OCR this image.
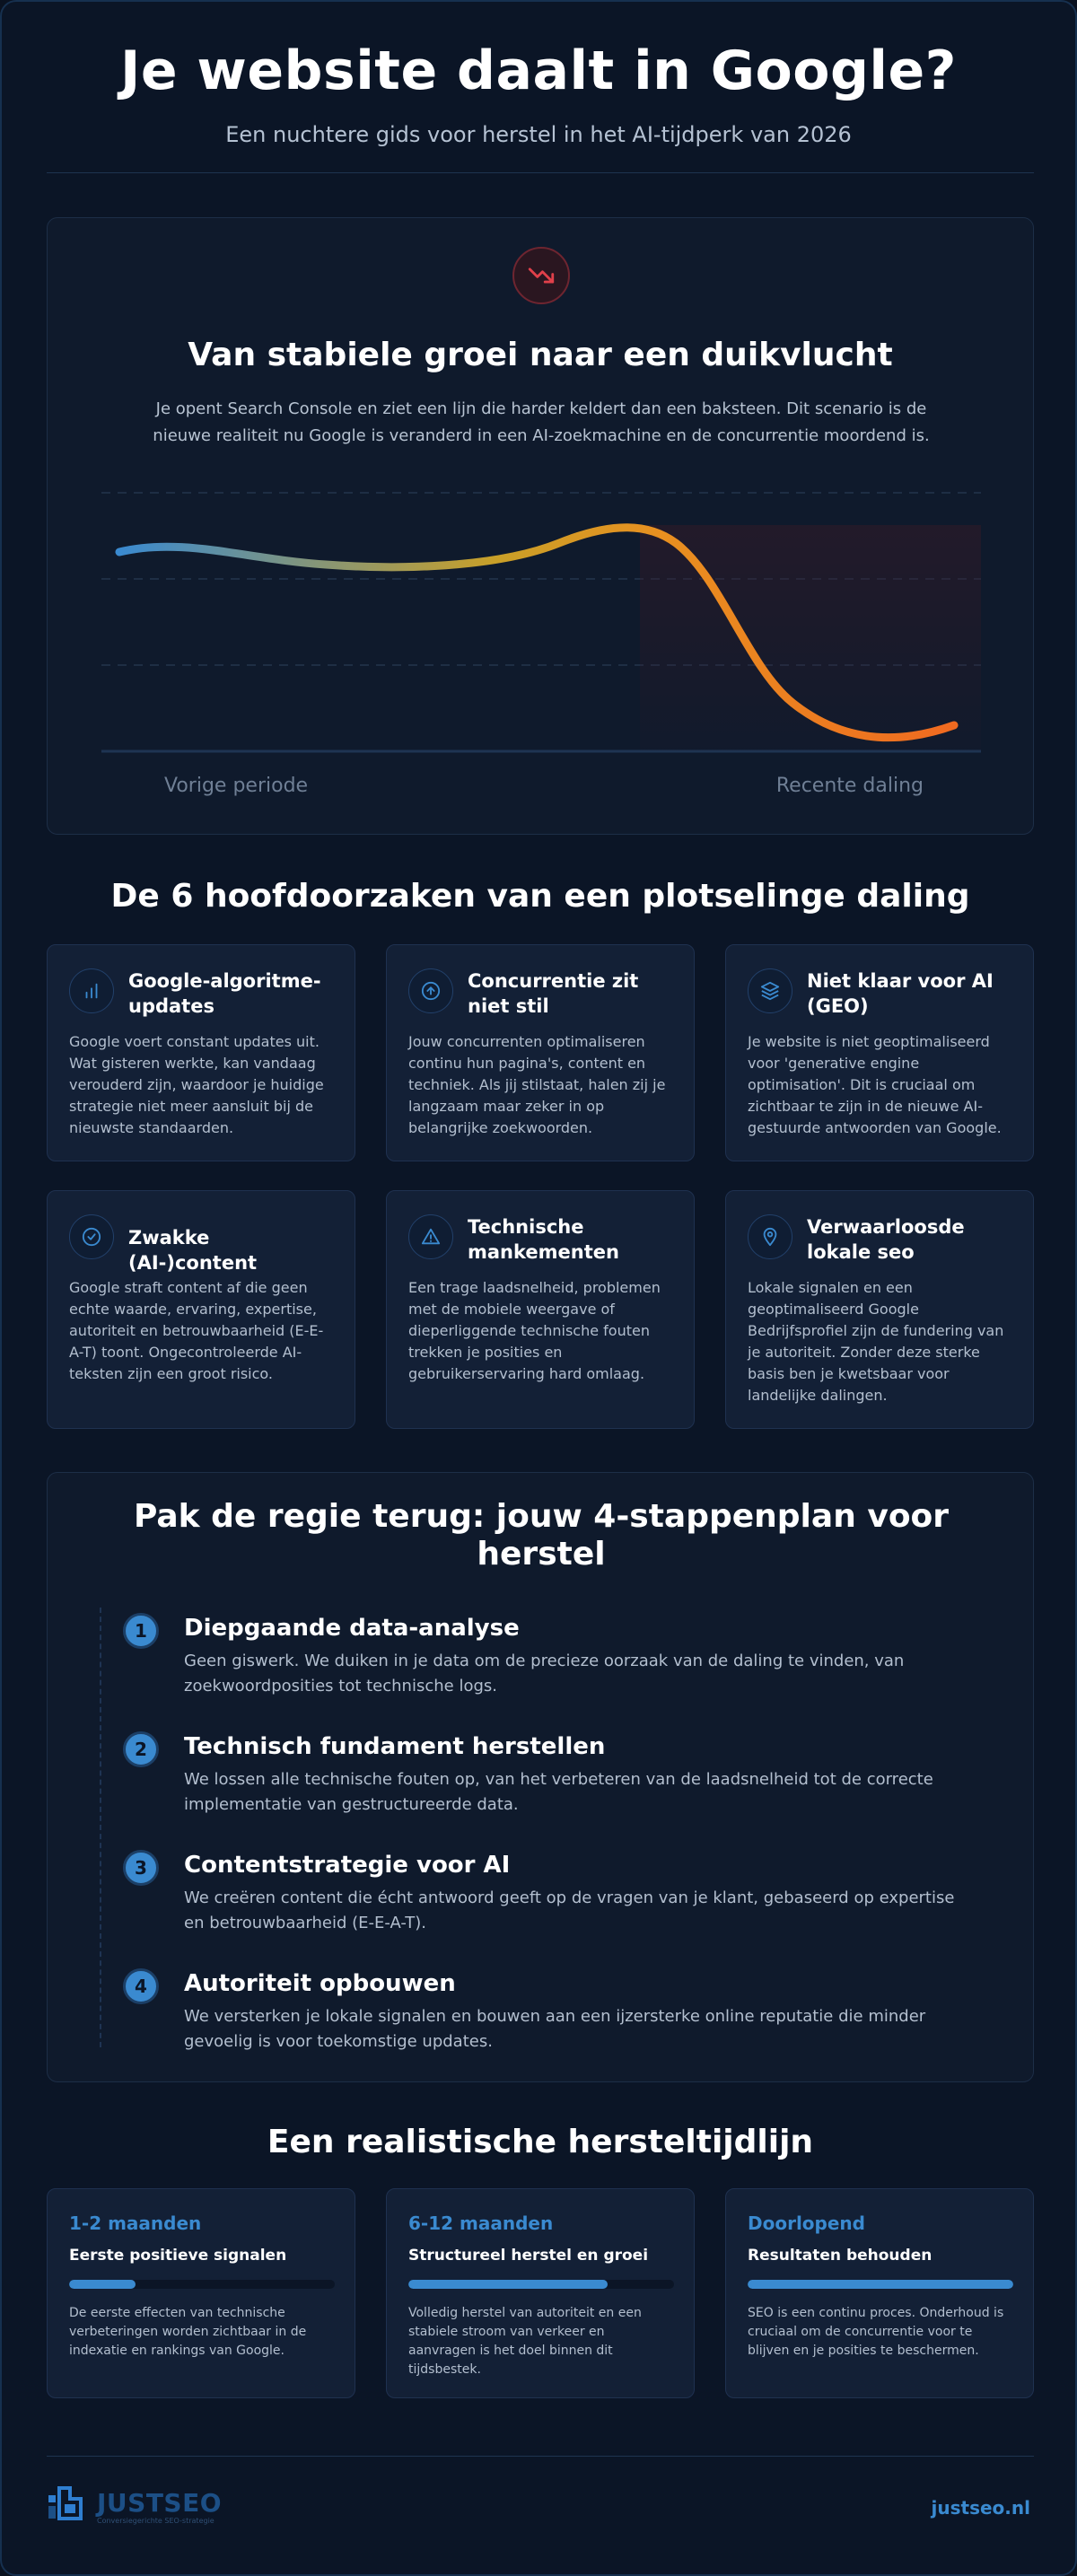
Je website daalt in Google?

Een nuchtere gids voor herstel in het AI-tijdperk van 2026

Van stabiele groei naar een duikvlucht

Je opent Search Console en ziet een lijn die harder keldert dan een baksteen. Dit scenario is de nieuwe realiteit nu Google is veranderd in een AI-zoekmachine en de concurrentie moordend is.

Vorige periode	Recente daling
De 6 hoofdoorzaken van een plotselinge daling
Google-algoritme-updates

Google voert constant updates uit. Wat gisteren werkte, kan vandaag verouderd zijn, waardoor je huidige strategie niet meer aansluit bij de nieuwste standaarden.

Concurrentie zit niet stil

Jouw concurrenten optimaliseren continu hun pagina's, content en techniek. Als jij stilstaat, halen zij je langzaam maar zeker in op belangrijke zoekwoorden.

Niet klaar voor AI (GEO)

Je website is niet geoptimaliseerd voor 'generative engine optimisation'. Dit is cruciaal om zichtbaar te zijn in de nieuwe AI-gestuurde antwoorden van Google.

Zwakke (AI-)content

Google straft content af die geen echte waarde, ervaring, expertise, autoriteit en betrouwbaarheid (E-E-A-T) toont. Ongecontroleerde AI-teksten zijn een groot risico.

Technische mankementen

Een trage laadsnelheid, problemen met de mobiele weergave of dieperliggende technische fouten trekken je posities en gebruikerservaring hard omlaag.

Verwaarloosde lokale seo

Lokale signalen en een geoptimaliseerd Google Bedrijfsprofiel zijn de fundering van je autoriteit. Zonder deze sterke basis ben je kwetsbaar voor landelijke dalingen.

Pak de regie terug: jouw 4-stappenplan voor herstel
1	Diepgaande data-analyse

Geen giswerk. We duiken in je data om de precieze oorzaak van de daling te vinden, van zoekwoordposities tot technische logs.

2	Technisch fundament herstellen

We lossen alle technische fouten op, van het verbeteren van de laadsnelheid tot de correcte implementatie van gestructureerde data.

3	Contentstrategie voor AI

We creëren content die écht antwoord geeft op de vragen van je klant, gebaseerd op expertise en betrouwbaarheid (E-E-A-T).

4	Autoriteit opbouwen

We versterken je lokale signalen en bouwen aan een ijzersterke online reputatie die minder gevoelig is voor toekomstige updates.

Een realistische hersteltijdlijn
1-2 maanden
Eerste positieve signalen
De eerste effecten van technische verbeteringen worden zichtbaar in de indexatie en rankings van Google.
6-12 maanden
Structureel herstel en groei
Volledig herstel van autoriteit en een stabiele stroom van verkeer en aanvragen is het doel binnen dit tijdsbestek.
Doorlopend
Resultaten behouden
SEO is een continu proces. Onderhoud is cruciaal om de concurrentie voor te blijven en je posities te beschermen.
JUSTSEO
Conversiegerichte SEO-strategie
justseo.nl
